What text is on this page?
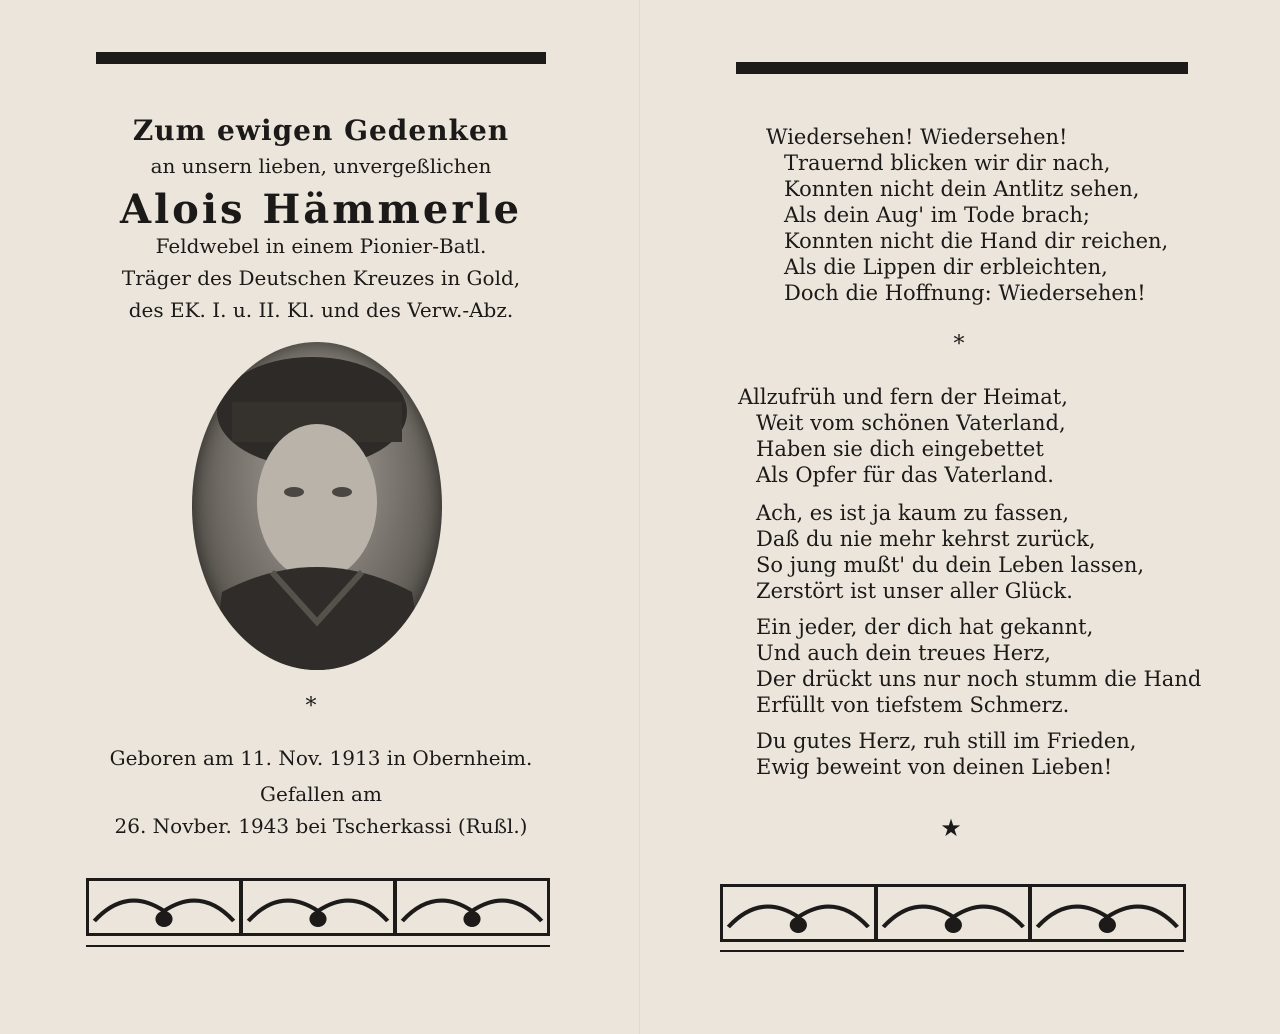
Zum ewigen Gedenken
an unsern lieben, unvergeßlichen
Alois Hämmerle
Feldwebel in einem Pionier-Batl.
Träger des Deutschen Kreuzes in Gold,
des EK. I. u. II. Kl. und des Verw.-Abz.
*
Geboren am 11. Nov. 1913 in Obernheim.
Gefallen am
26. Novber. 1943 bei Tscherkassi (Rußl.)
Wiedersehen! Wiedersehen!
Trauernd blicken wir dir nach,
Konnten nicht dein Antlitz sehen,
Als dein Aug' im Tode brach;
Konnten nicht die Hand dir reichen,
Als die Lippen dir erbleichten,
Doch die Hoffnung: Wiedersehen!
*
Allzufrüh und fern der Heimat,
Weit vom schönen Vaterland,
Haben sie dich eingebettet
Als Opfer für das Vaterland.
Ach, es ist ja kaum zu fassen,
Daß du nie mehr kehrst zurück,
So jung mußt' du dein Leben lassen,
Zerstört ist unser aller Glück.
Ein jeder, der dich hat gekannt,
Und auch dein treues Herz,
Der drückt uns nur noch stumm die Hand
Erfüllt von tiefstem Schmerz.
Du gutes Herz, ruh still im Frieden,
Ewig beweint von deinen Lieben!
★
